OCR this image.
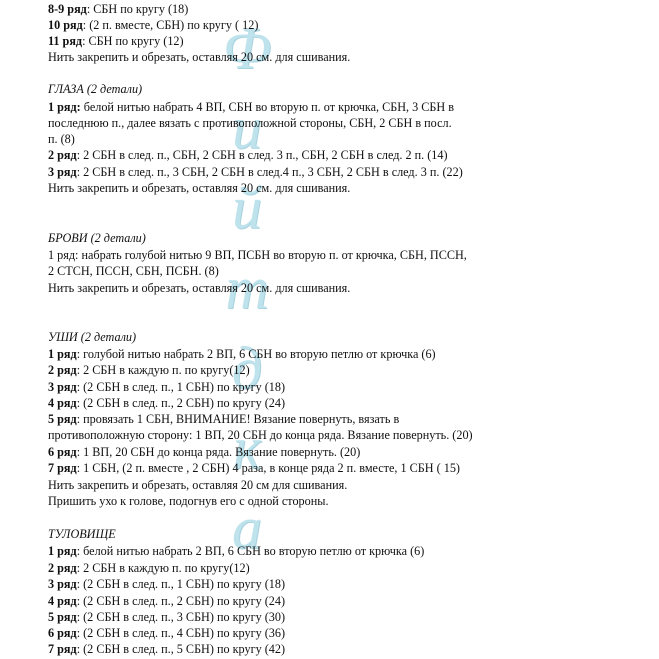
Ф
и
й
т
д
к
а
8-9 ряд: СБН по кругу (18)
10 ряд: (2 п. вместе, СБН) по кругу ( 12)
11 ряд: СБН по кругу (12)
Нить закрепить и обрезать, оставляя 20 см. для сшивания.
ГЛАЗА (2 детали)
1 ряд: белой нитью набрать 4 ВП, СБН во вторую п. от крючка, СБН, 3 СБН в
последнюю п., далее вязать с противоположной стороны, СБН, 2 СБН в посл.
п. (8)
2 ряд: 2 СБН в след. п., СБН, 2 СБН в след. 3 п., СБН, 2 СБН в след. 2 п. (14)
3 ряд: 2 СБН в след. п., 3 СБН, 2 СБН в след.4 п., 3 СБН, 2 СБН в след. 3 п. (22)
Нить закрепить и обрезать, оставляя 20 см. для сшивания.
БРОВИ (2 детали)
1 ряд: набрать голубой нитью 9 ВП, ПСБН во вторую п. от крючка, СБН, ПССН,
2 СТСН, ПССН, СБН, ПСБН. (8)
Нить закрепить и обрезать, оставляя 20 см. для сшивания.
УШИ (2 детали)
1 ряд: голубой нитью набрать 2 ВП, 6 СБН во вторую петлю от крючка (6)
2 ряд: 2 СБН в каждую п. по кругу(12)
3 ряд: (2 СБН в след. п., 1 СБН) по кругу (18)
4 ряд: (2 СБН в след. п., 2 СБН) по кругу (24)
5 ряд: провязать 1 СБН, ВНИМАНИЕ! Вязание повернуть, вязать в
противоположную сторону: 1 ВП, 20 СБН до конца ряда. Вязание повернуть. (20)
6 ряд: 1 ВП, 20 СБН до конца ряда. Вязание повернуть. (20)
7 ряд: 1 СБН, (2 п. вместе , 2 СБН) 4 раза, в конце ряда 2 п. вместе, 1 СБН ( 15)
Нить закрепить и обрезать, оставляя 20 см для сшивания.
Пришить ухо к голове, подогнув его с одной стороны.
ТУЛОВИЩЕ
1 ряд: белой нитью набрать 2 ВП, 6 СБН во вторую петлю от крючка (6)
2 ряд: 2 СБН в каждую п. по кругу(12)
3 ряд: (2 СБН в след. п., 1 СБН) по кругу (18)
4 ряд: (2 СБН в след. п., 2 СБН) по кругу (24)
5 ряд: (2 СБН в след. п., 3 СБН) по кругу (30)
6 ряд: (2 СБН в след. п., 4 СБН) по кругу (36)
7 ряд: (2 СБН в след. п., 5 СБН) по кругу (42)
